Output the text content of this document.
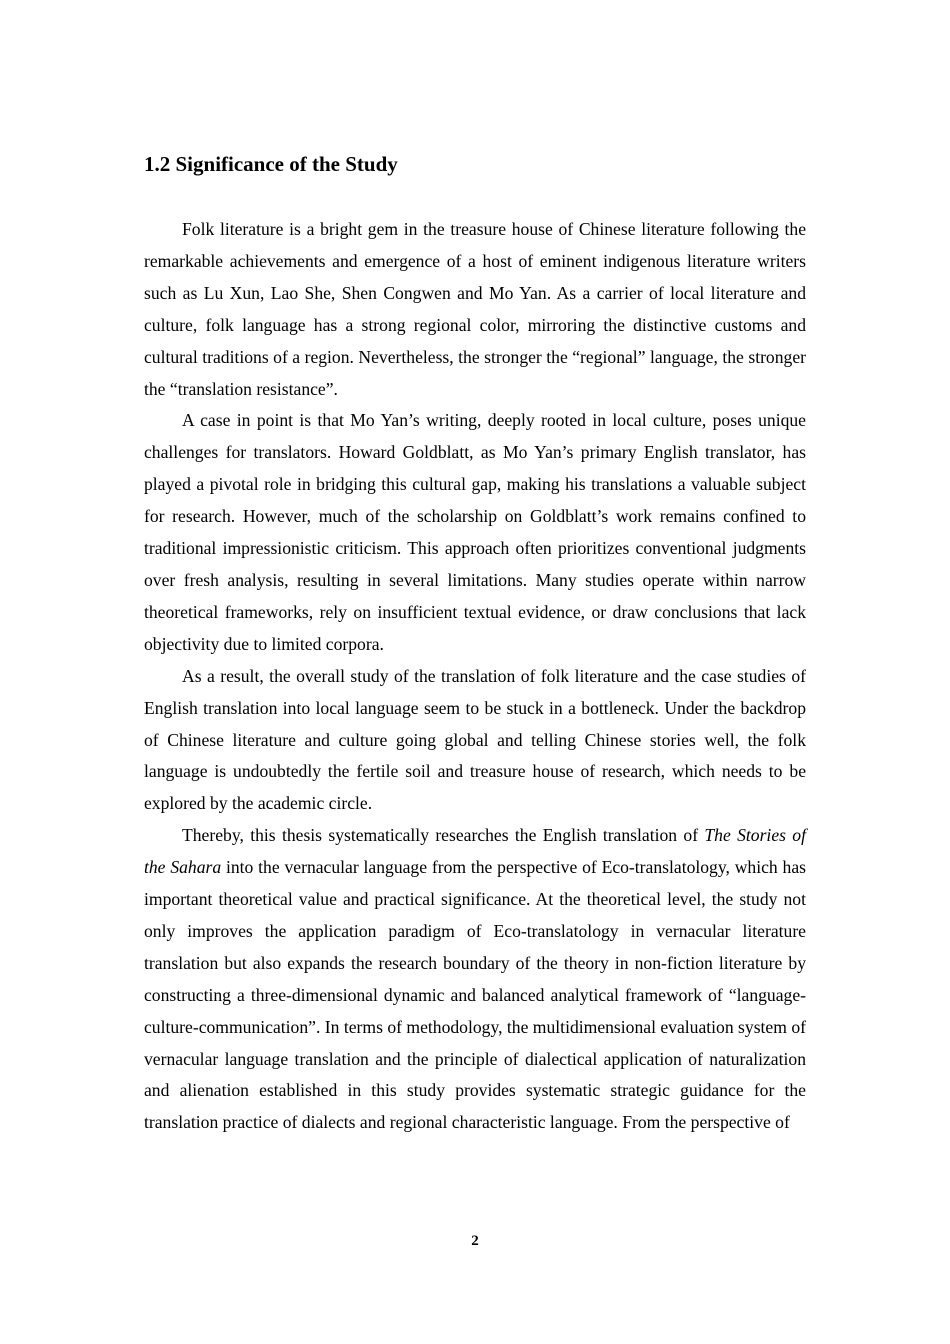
1.2 Significance of the Study

Folk literature is a bright gem in the treasure house of Chinese literature following the remarkable achievements and emergence of a host of eminent indigenous literature writers such as Lu Xun, Lao She, Shen Congwen and Mo Yan. As a carrier of local literature and culture, folk language has a strong regional color, mirroring the distinctive customs and cultural traditions of a region. Nevertheless, the stronger the “regional” language, the stronger the “translation resistance”.

A case in point is that Mo Yan’s writing, deeply rooted in local culture, poses unique challenges for translators. Howard Goldblatt, as Mo Yan’s primary English translator, has played a pivotal role in bridging this cultural gap, making his translations a valuable subject for research. However, much of the scholarship on Goldblatt’s work remains confined to traditional impressionistic criticism. This approach often prioritizes conventional judgments over fresh analysis, resulting in several limitations. Many studies operate within narrow theoretical frameworks, rely on insufficient textual evidence, or draw conclusions that lack objectivity due to limited corpora.

As a result, the overall study of the translation of folk literature and the case studies of English translation into local language seem to be stuck in a bottleneck. Under the backdrop of Chinese literature and culture going global and telling Chinese stories well, the folk language is undoubtedly the fertile soil and treasure house of research, which needs to be explored by the academic circle.

Thereby, this thesis systematically researches the English translation of The Stories of the Sahara into the vernacular language from the perspective of Eco-translatology, which has important theoretical value and practical significance. At the theoretical level, the study not only improves the application paradigm of Eco-translatology in vernacular literature translation but also expands the research boundary of the theory in non-fiction literature by constructing a three-dimensional dynamic and balanced analytical framework of “language-culture-communication”. In terms of methodology, the multidimensional evaluation system of vernacular language translation and the principle of dialectical application of naturalization and alienation established in this study provides systematic strategic guidance for the translation practice of dialects and regional characteristic language. From the perspective of

2
